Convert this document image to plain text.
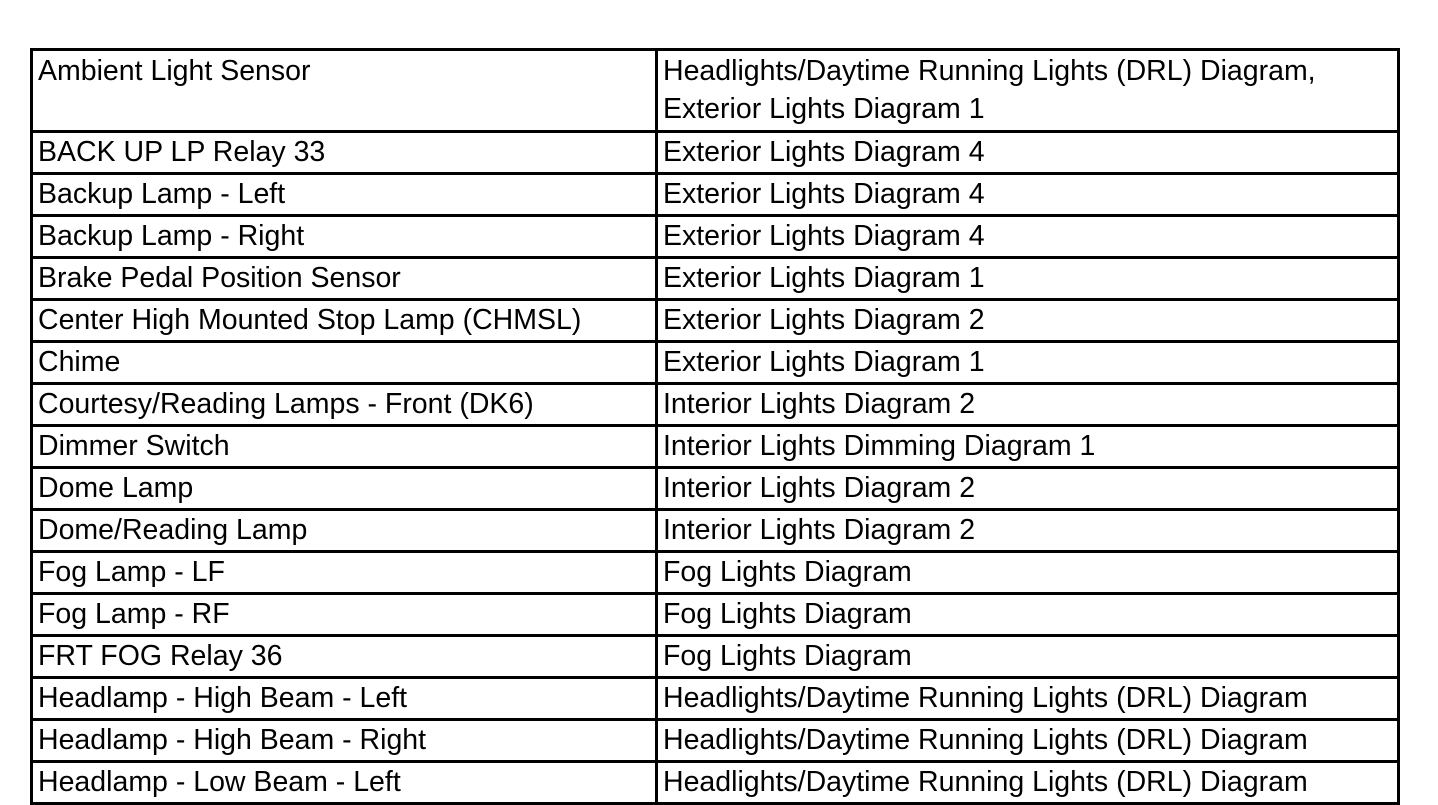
Ambient Light Sensor	Headlights/Daytime Running Lights (DRL) Diagram, Exterior Lights Diagram 1
BACK UP LP Relay 33	Exterior Lights Diagram 4
Backup Lamp - Left	Exterior Lights Diagram 4
Backup Lamp - Right	Exterior Lights Diagram 4
Brake Pedal Position Sensor	Exterior Lights Diagram 1
Center High Mounted Stop Lamp (CHMSL)	Exterior Lights Diagram 2
Chime	Exterior Lights Diagram 1
Courtesy/Reading Lamps - Front (DK6)	Interior Lights Diagram 2
Dimmer Switch	Interior Lights Dimming Diagram 1
Dome Lamp	Interior Lights Diagram 2
Dome/Reading Lamp	Interior Lights Diagram 2
Fog Lamp - LF	Fog Lights Diagram
Fog Lamp - RF	Fog Lights Diagram
FRT FOG Relay 36	Fog Lights Diagram
Headlamp - High Beam - Left	Headlights/Daytime Running Lights (DRL) Diagram
Headlamp - High Beam - Right	Headlights/Daytime Running Lights (DRL) Diagram
Headlamp - Low Beam - Left	Headlights/Daytime Running Lights (DRL) Diagram
